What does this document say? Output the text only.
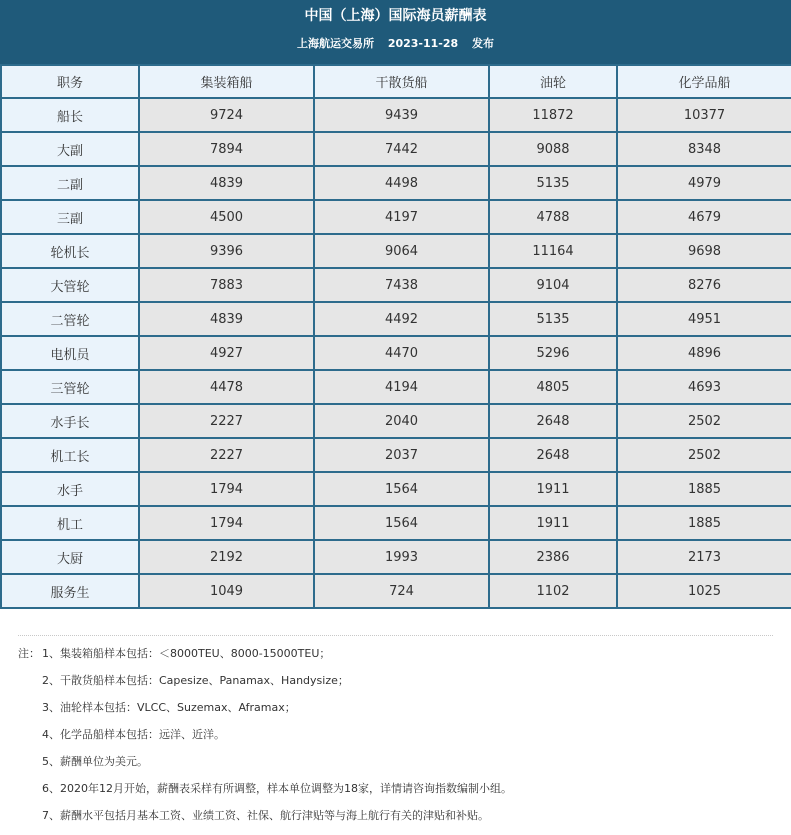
中国（上海）国际海员薪酬表
上海航运交易所 2023-11-28 发布
职务	集装箱船	干散货船	油轮	化学品船
船长	9724	9439	11872	10377
大副	7894	7442	9088	8348
二副	4839	4498	5135	4979
三副	4500	4197	4788	4679
轮机长	9396	9064	11164	9698
大管轮	7883	7438	9104	8276
二管轮	4839	4492	5135	4951
电机员	4927	4470	5296	4896
三管轮	4478	4194	4805	4693
水手长	2227	2040	2648	2502
机工长	2227	2037	2648	2502
水手	1794	1564	1911	1885
机工	1794	1564	1911	1885
大厨	2192	1993	2386	2173
服务生	1049	724	1102	1025
注： 1、集装箱船样本包括：＜8000TEU、8000-15000TEU；
2、干散货船样本包括：Capesize、Panamax、Handysize；
3、油轮样本包括：VLCC、Suzemax、Aframax；
4、化学品船样本包括：远洋、近洋。
5、薪酬单位为美元。
6、2020年12月开始，薪酬表采样有所调整，样本单位调整为18家，详情请咨询指数编制小组。
7、薪酬水平包括月基本工资、业绩工资、社保、航行津贴等与海上航行有关的津贴和补贴。
